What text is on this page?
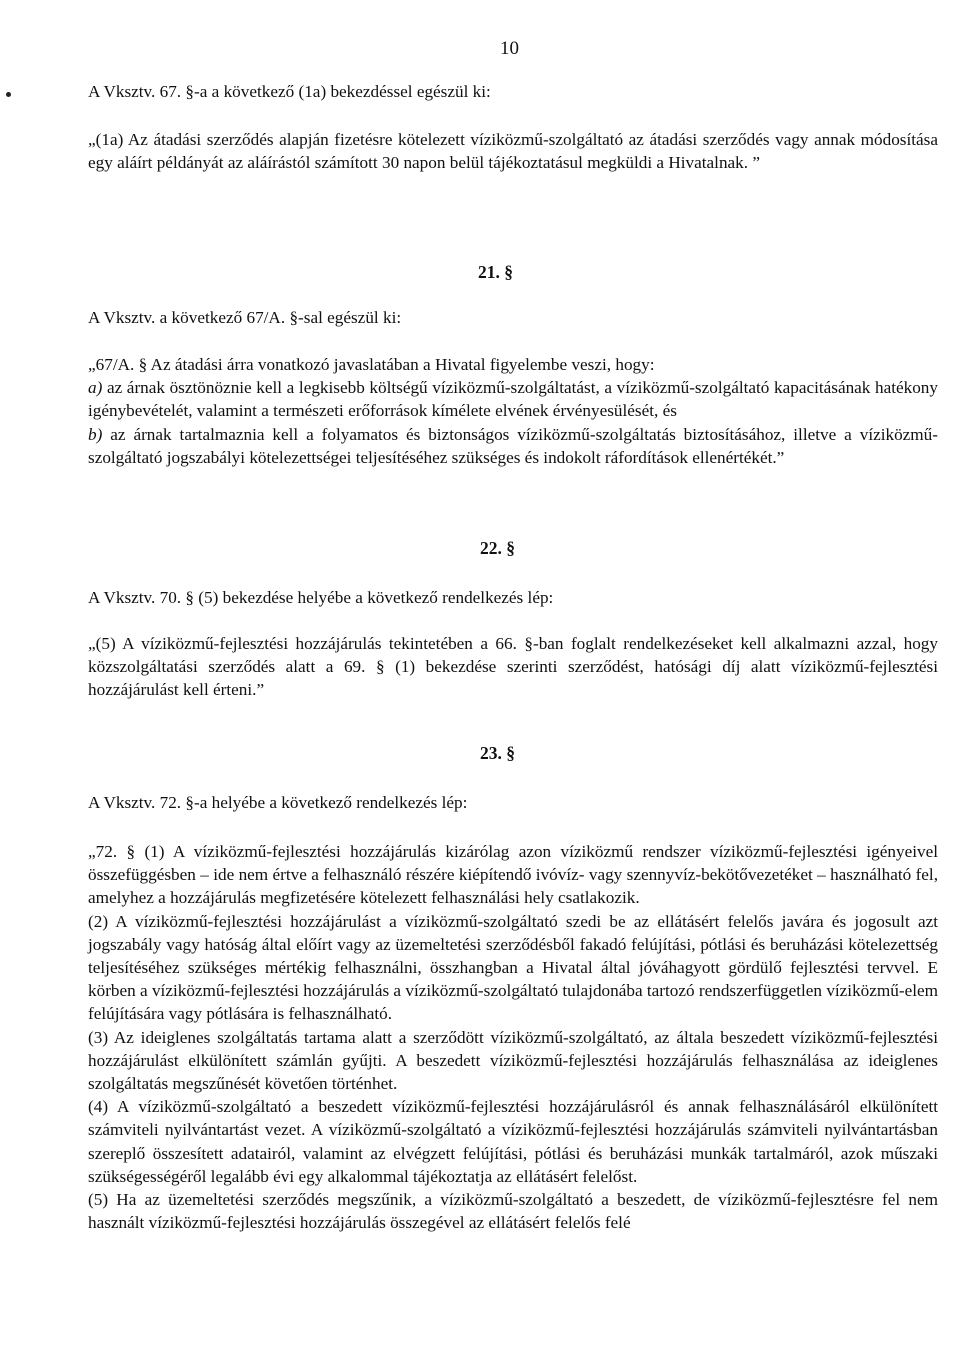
10

A Vksztv. 67. §-a a következő (1a) bekezdéssel egészül ki:

„(1a) Az átadási szerződés alapján fizetésre kötelezett víziközmű-szolgáltató az átadási szerződés vagy annak módosítása egy aláírt példányát az aláírástól számított 30 napon belül tájékoztatásul megküldi a Hivatalnak. ”

21. §

A Vksztv. a következő 67/A. §-sal egészül ki:

„67/A. § Az átadási árra vonatkozó javaslatában a Hivatal figyelembe veszi, hogy:

a) az árnak ösztönöznie kell a legkisebb költségű víziközmű-szolgáltatást, a víziközmű-szolgáltató kapacitásának hatékony igénybevételét, valamint a természeti erőforrások kímélete elvének érvényesülését, és

b) az árnak tartalmaznia kell a folyamatos és biztonságos víziközmű-szolgáltatás biztosításához, illetve a víziközmű-szolgáltató jogszabályi kötelezettségei teljesítéséhez szükséges és indokolt ráfordítások ellenértékét.”

22. §

A Vksztv. 70. § (5) bekezdése helyébe a következő rendelkezés lép:

„(5) A víziközmű-fejlesztési hozzájárulás tekintetében a 66. §-ban foglalt rendelkezéseket kell alkalmazni azzal, hogy közszolgáltatási szerződés alatt a 69. § (1) bekezdése szerinti szerződést, hatósági díj alatt víziközmű-fejlesztési hozzájárulást kell érteni.”

23. §

A Vksztv. 72. §-a helyébe a következő rendelkezés lép:

„72. § (1) A víziközmű-fejlesztési hozzájárulás kizárólag azon víziközmű rendszer víziközmű-fejlesztési igényeivel összefüggésben – ide nem értve a felhasználó részére kiépítendő ivóvíz- vagy szennyvíz-bekötővezetéket – használható fel, amelyhez a hozzájárulás megfizetésére kötelezett felhasználási hely csatlakozik.

(2) A víziközmű-fejlesztési hozzájárulást a víziközmű-szolgáltató szedi be az ellátásért felelős javára és jogosult azt jogszabály vagy hatóság által előírt vagy az üzemeltetési szerződésből fakadó felújítási, pótlási és beruházási kötelezettség teljesítéséhez szükséges mértékig felhasználni, összhangban a Hivatal által jóváhagyott gördülő fejlesztési tervvel. E körben a víziközmű-fejlesztési hozzájárulás a víziközmű-szolgáltató tulajdonába tartozó rendszerfüggetlen víziközmű-elem felújítására vagy pótlására is felhasználható.

(3) Az ideiglenes szolgáltatás tartama alatt a szerződött víziközmű-szolgáltató, az általa beszedett víziközmű-fejlesztési hozzájárulást elkülönített számlán gyűjti. A beszedett víziközmű-fejlesztési hozzájárulás felhasználása az ideiglenes szolgáltatás megszűnését követően történhet.

(4) A víziközmű-szolgáltató a beszedett víziközmű-fejlesztési hozzájárulásról és annak felhasználásáról elkülönített számviteli nyilvántartást vezet. A víziközmű-szolgáltató a víziközmű-fejlesztési hozzájárulás számviteli nyilvántartásban szereplő összesített adatairól, valamint az elvégzett felújítási, pótlási és beruházási munkák tartalmáról, azok műszaki szükségességéről legalább évi egy alkalommal tájékoztatja az ellátásért felelőst.

(5) Ha az üzemeltetési szerződés megszűnik, a víziközmű-szolgáltató a beszedett, de víziközmű-fejlesztésre fel nem használt víziközmű-fejlesztési hozzájárulás összegével az ellátásért felelős felé
